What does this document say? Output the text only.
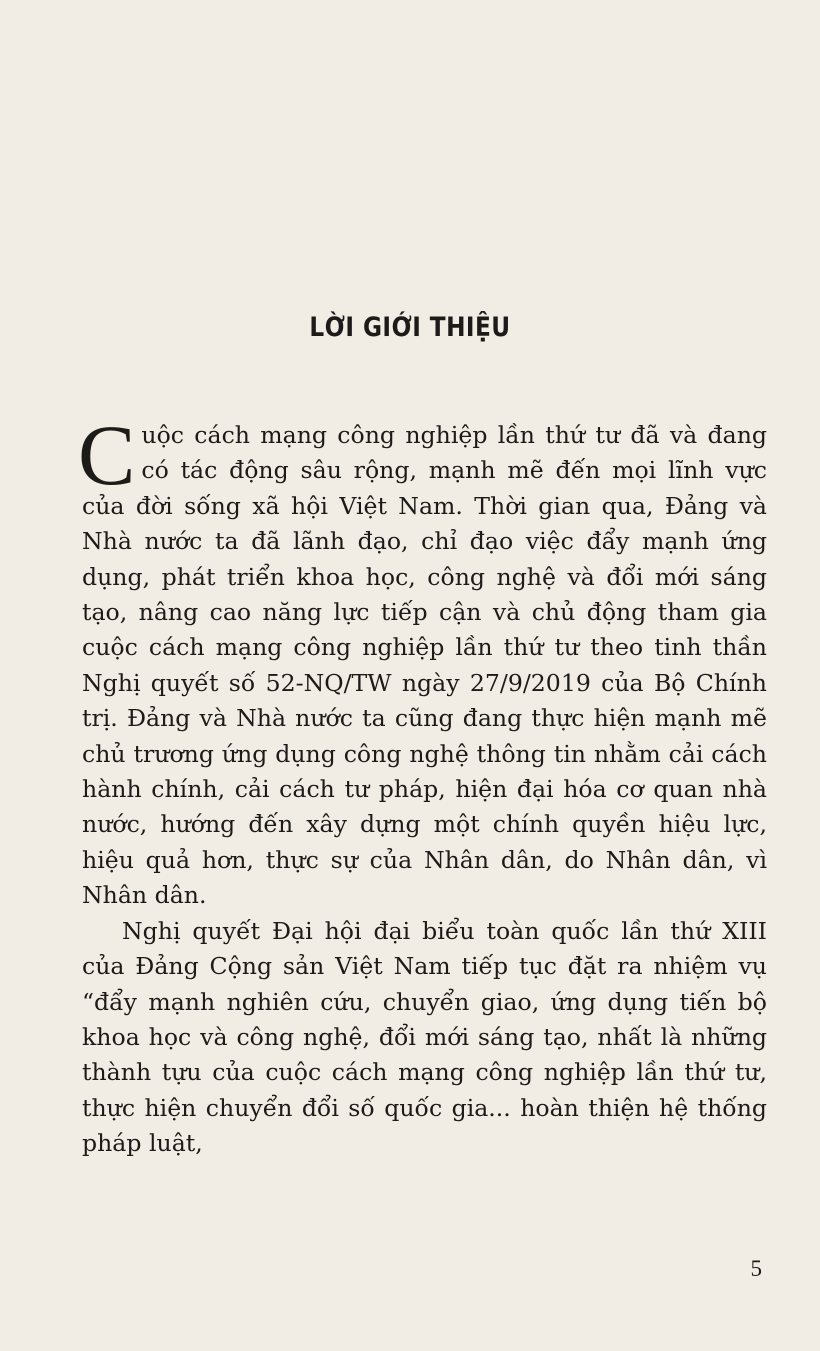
LỜI GIỚI THIỆU

Cuộc cách mạng công nghiệp lần thứ tư đã và đang có tác động sâu rộng, mạnh mẽ đến mọi lĩnh vực của đời sống xã hội Việt Nam. Thời gian qua, Đảng và Nhà nước ta đã lãnh đạo, chỉ đạo việc đẩy mạnh ứng dụng, phát triển khoa học, công nghệ và đổi mới sáng tạo, nâng cao năng lực tiếp cận và chủ động tham gia cuộc cách mạng công nghiệp lần thứ tư theo tinh thần Nghị quyết số 52-NQ/TW ngày 27/9/2019 của Bộ Chính trị. Đảng và Nhà nước ta cũng đang thực hiện mạnh mẽ chủ trương ứng dụng công nghệ thông tin nhằm cải cách hành chính, cải cách tư pháp, hiện đại hóa cơ quan nhà nước, hướng đến xây dựng một chính quyền hiệu lực, hiệu quả hơn, thực sự của Nhân dân, do Nhân dân, vì Nhân dân.

Nghị quyết Đại hội đại biểu toàn quốc lần thứ XIII của Đảng Cộng sản Việt Nam tiếp tục đặt ra nhiệm vụ “đẩy mạnh nghiên cứu, chuyển giao, ứng dụng tiến bộ khoa học và công nghệ, đổi mới sáng tạo, nhất là những thành tựu của cuộc cách mạng công nghiệp lần thứ tư, thực hiện chuyển đổi số quốc gia... hoàn thiện hệ thống pháp luật,

5
